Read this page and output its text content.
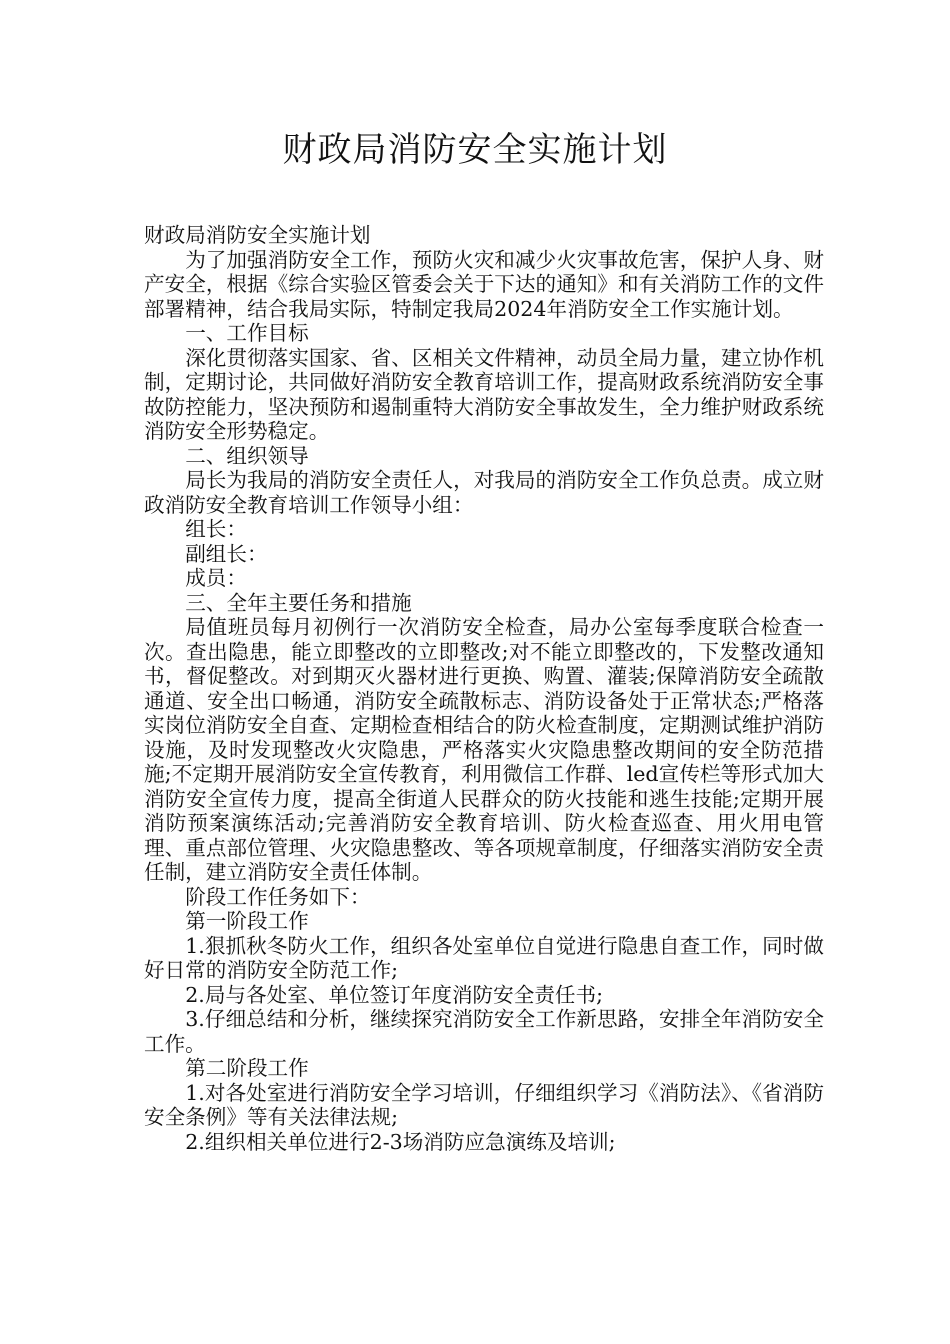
财政局消防安全实施计划

财政局消防安全实施计划

为了加强消防安全工作，预防火灾和减少火灾事故危害，保护人身、财产安全，根据《综合实验区管委会关于下达的通知》和有关消防工作的文件部署精神，结合我局实际，特制定我局2024年消防安全工作实施计划。

一、工作目标

深化贯彻落实国家、省、区相关文件精神，动员全局力量，建立协作机制，定期讨论，共同做好消防安全教育培训工作，提高财政系统消防安全事故防控能力，坚决预防和遏制重特大消防安全事故发生，全力维护财政系统消防安全形势稳定。

二、组织领导

局长为我局的消防安全责任人，对我局的消防安全工作负总责。成立财政消防安全教育培训工作领导小组：

组长：

副组长：

成员：

三、全年主要任务和措施

局值班员每月初例行一次消防安全检查，局办公室每季度联合检查一次。查出隐患，能立即整改的立即整改;对不能立即整改的，下发整改通知书，督促整改。对到期灭火器材进行更换、购置、灌装;保障消防安全疏散通道、安全出口畅通，消防安全疏散标志、消防设备处于正常状态;严格落实岗位消防安全自查、定期检查相结合的防火检查制度，定期测试维护消防设施，及时发现整改火灾隐患，严格落实火灾隐患整改期间的安全防范措施;不定期开展消防安全宣传教育，利用微信工作群、led宣传栏等形式加大消防安全宣传力度，提高全街道人民群众的防火技能和逃生技能;定期开展消防预案演练活动;完善消防安全教育培训、防火检查巡查、用火用电管理、重点部位管理、火灾隐患整改、等各项规章制度，仔细落实消防安全责任制，建立消防安全责任体制。

阶段工作任务如下：

第一阶段工作

1.狠抓秋冬防火工作，组织各处室单位自觉进行隐患自查工作，同时做好日常的消防安全防范工作;

2.局与各处室、单位签订年度消防安全责任书;

3.仔细总结和分析，继续探究消防安全工作新思路，安排全年消防安全工作。

第二阶段工作

1.对各处室进行消防安全学习培训，仔细组织学习《消防法》、《省消防安全条例》等有关法律法规;

2.组织相关单位进行2-3场消防应急演练及培训;
